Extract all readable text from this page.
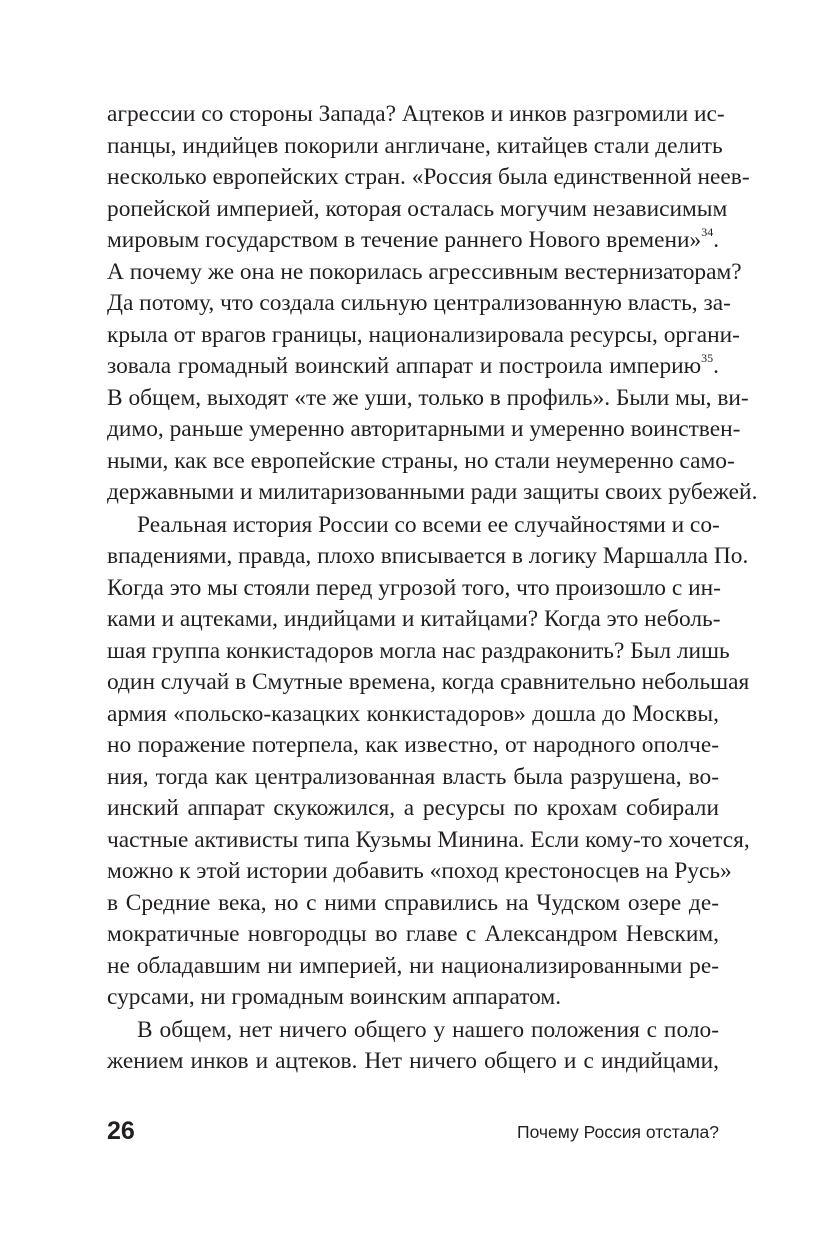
агрессии со стороны Запада? Ацтеков и инков разгромили ис-
панцы, индийцев покорили англичане, китайцев стали делить
несколько европейских стран. «Россия была единственной неев-
ропейской империей, которая осталась могучим независимым
мировым государством в течение раннего Нового времени»$^{34}$.
А почему же она не покорилась агрессивным вестернизаторам?
Да потому, что создала сильную централизованную власть, за-
крыла от врагов границы, национализировала ресурсы, органи-
зовала громадный воинский аппарат и построила империю$^{35}$.
В общем, выходят «те же уши, только в профиль». Были мы, ви-
димо, раньше умеренно авторитарными и умеренно воинствен-
ными, как все европейские страны, но стали неумеренно само-
державными и милитаризованными ради защиты своих рубежей.
Реальная история России со всеми ее случайностями и со-
впадениями, правда, плохо вписывается в логику Маршалла По.
Когда это мы стояли перед угрозой того, что произошло с ин-
ками и ацтеками, индийцами и китайцами? Когда это неболь-
шая группа конкистадоров могла нас раздраконить? Был лишь
один случай в Смутные времена, когда сравнительно небольшая
армия «польско-казацких конкистадоров» дошла до Москвы,
но поражение потерпела, как известно, от народного ополче-
ния, тогда как централизованная власть была разрушена, во-
инский аппарат скукожился, а ресурсы по крохам собирали
частные активисты типа Кузьмы Минина. Если кому-то хочется,
можно к этой истории добавить «поход крестоносцев на Русь»
в Средние века, но с ними справились на Чудском озере де-
мократичные новгородцы во главе с Александром Невским,
не обладавшим ни империей, ни национализированными ре-
сурсами, ни громадным воинским аппаратом.
В общем, нет ничего общего у нашего положения с поло-
жением инков и ацтеков. Нет ничего общего и с индийцами,
26	Почему Россия отстала?
